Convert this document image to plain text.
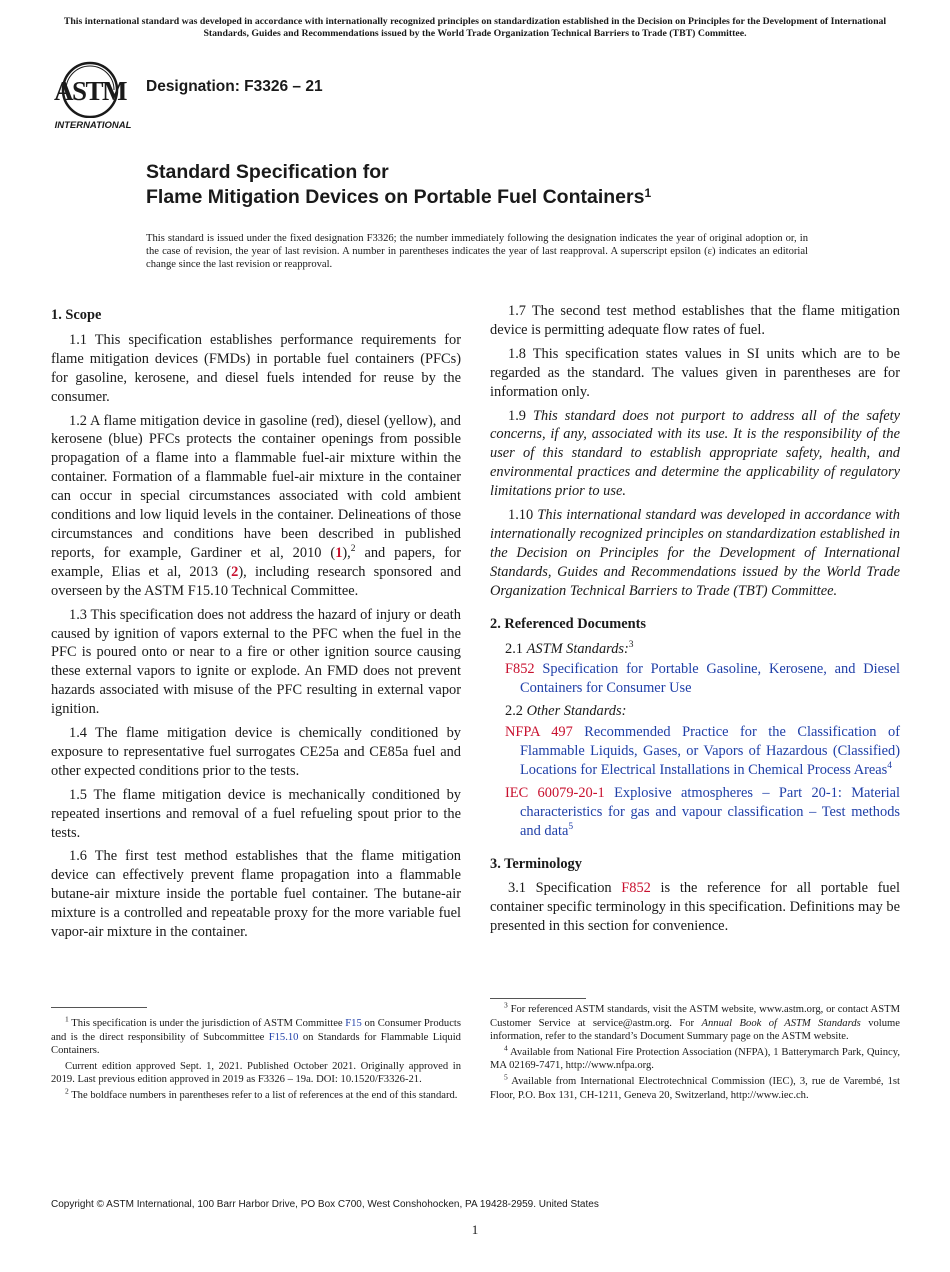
This international standard was developed in accordance with internationally recognized principles on standardization established in the Decision on Principles for the Development of International Standards, Guides and Recommendations issued by the World Trade Organization Technical Barriers to Trade (TBT) Committee.
ASTM
INTERNATIONAL
Designation: F3326 – 21
Standard Specification for
Flame Mitigation Devices on Portable Fuel Containers$^1$
This standard is issued under the fixed designation F3326; the number immediately following the designation indicates the year of original adoption or, in the case of revision, the year of last revision. A number in parentheses indicates the year of last reapproval. A superscript epsilon (ε) indicates an editorial change since the last revision or reapproval.
1. Scope

1.1 This specification establishes performance requirements for flame mitigation devices (FMDs) in portable fuel containers (PFCs) for gasoline, kerosene, and diesel fuels intended for reuse by the consumer.

1.2 A flame mitigation device in gasoline (red), diesel (yellow), and kerosene (blue) PFCs protects the container openings from possible propagation of a flame into a flammable fuel-air mixture within the container. Formation of a flammable fuel-air mixture in the container can occur in special circumstances associated with cold ambient conditions and low liquid levels in the container. Delineations of those circumstances and conditions have been described in published reports, for example, Gardiner et al, 2010 (1),$^2$ and papers, for example, Elias et al, 2013 (2), including research sponsored and overseen by the ASTM F15.10 Technical Committee.

1.3 This specification does not address the hazard of injury or death caused by ignition of vapors external to the PFC when the fuel in the PFC is poured onto or near to a fire or other ignition source causing these external vapors to ignite or explode. An FMD does not prevent hazards associated with misuse of the PFC resulting in external vapor ignition.

1.4 The flame mitigation device is chemically conditioned by exposure to representative fuel surrogates CE25a and CE85a fuel and other expected conditions prior to the tests.

1.5 The flame mitigation device is mechanically conditioned by repeated insertions and removal of a fuel refueling spout prior to the tests.

1.6 The first test method establishes that the flame mitigation device can effectively prevent flame propagation into a flammable butane-air mixture inside the portable fuel container. The butane-air mixture is a controlled and repeatable proxy for the more variable fuel vapor-air mixture in the container.

1.7 The second test method establishes that the flame mitigation device is permitting adequate flow rates of fuel.

1.8 This specification states values in SI units which are to be regarded as the standard. The values given in parentheses are for information only.

1.9 This standard does not purport to address all of the safety concerns, if any, associated with its use. It is the responsibility of the user of this standard to establish appropriate safety, health, and environmental practices and determine the applicability of regulatory limitations prior to use.

1.10 This international standard was developed in accordance with internationally recognized principles on standardization established in the Decision on Principles for the Development of International Standards, Guides and Recommendations issued by the World Trade Organization Technical Barriers to Trade (TBT) Committee.

2. Referenced Documents
2.1 ASTM Standards:$^3$
F852 Specification for Portable Gasoline, Kerosene, and Diesel Containers for Consumer Use
2.2 Other Standards:
NFPA 497 Recommended Practice for the Classification of Flammable Liquids, Gases, or Vapors of Hazardous (Classified) Locations for Electrical Installations in Chemical Process Areas$^4$
IEC 60079-20-1 Explosive atmospheres – Part 20-1: Material characteristics for gas and vapour classification – Test methods and data$^5$
3. Terminology

3.1 Specification F852 is the reference for all portable fuel container specific terminology in this specification. Definitions may be presented in this section for convenience.

$^1$ This specification is under the jurisdiction of ASTM Committee F15 on Consumer Products and is the direct responsibility of Subcommittee F15.10 on Standards for Flammable Liquid Containers.

Current edition approved Sept. 1, 2021. Published October 2021. Originally approved in 2019. Last previous edition approved in 2019 as F3326 – 19a. DOI: 10.1520/F3326-21.

$^2$ The boldface numbers in parentheses refer to a list of references at the end of this standard.

$^3$ For referenced ASTM standards, visit the ASTM website, www.astm.org, or contact ASTM Customer Service at service@astm.org. For Annual Book of ASTM Standards volume information, refer to the standard’s Document Summary page on the ASTM website.

$^4$ Available from National Fire Protection Association (NFPA), 1 Batterymarch Park, Quincy, MA 02169-7471, http://www.nfpa.org.

$^5$ Available from International Electrotechnical Commission (IEC), 3, rue de Varembé, 1st Floor, P.O. Box 131, CH-1211, Geneva 20, Switzerland, http://www.iec.ch.

Copyright © ASTM International, 100 Barr Harbor Drive, PO Box C700, West Conshohocken, PA 19428-2959. United States
1
